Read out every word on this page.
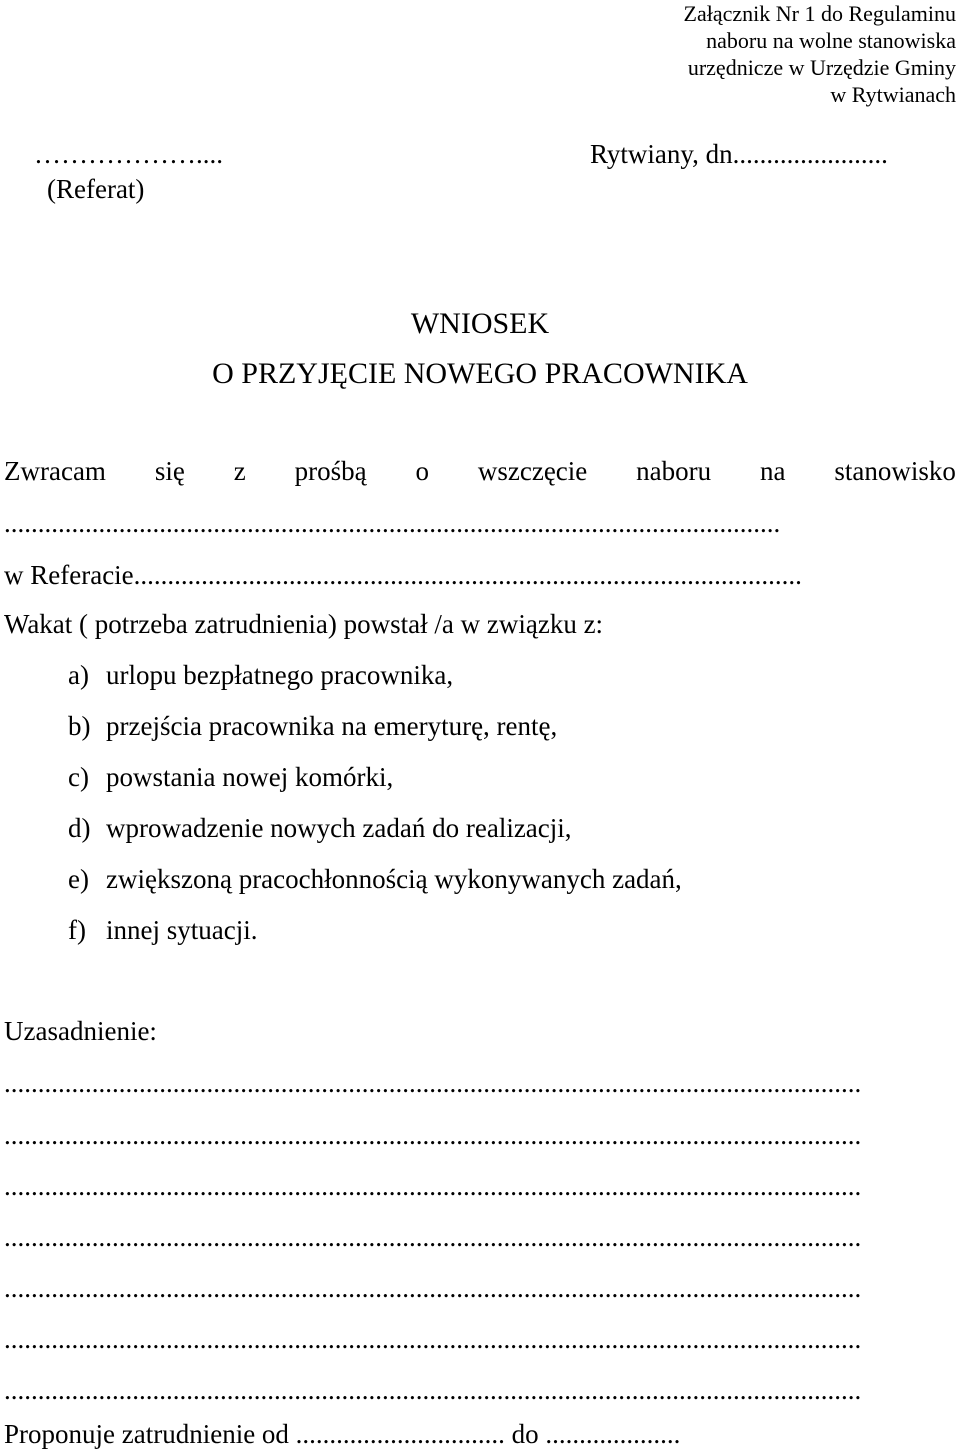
Załącznik Nr 1 do Regulaminu
naboru na wolne stanowiska
urzędnicze w Urzędzie Gminy
w Rytwianach
………………....
(Referat)
Rytwiany, dn.......................
WNIOSEK
O PRZYJĘCIE NOWEGO PRACOWNIKA
Zwracam się z prośbą o wszczęcie naboru na stanowisko
...................................................................................................................
w Referacie...................................................................................................
Wakat ( potrzeba zatrudnienia) powstał /a w związku z:
a) urlopu bezpłatnego pracownika,
b) przejścia pracownika na emeryturę, rentę,
c) powstania nowej komórki,
d) wprowadzenie nowych zadań do realizacji,
e) zwiększoną pracochłonnością wykonywanych zadań,
f) innej sytuacji.
Uzasadnienie:
...............................................................................................................................
...............................................................................................................................
...............................................................................................................................
...............................................................................................................................
...............................................................................................................................
...............................................................................................................................
...............................................................................................................................
Proponuje zatrudnienie od ............................... do ....................
